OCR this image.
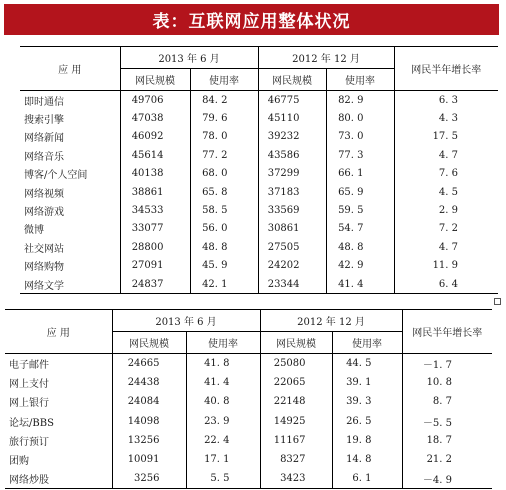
表：互联网应用整体状况
应 用	2013 年 6 月		2012 年 12 月		网民半年增长率
	网民规模	使用率	网民规模	使用率	
即时通信	49706	84. 2	46775	82. 9	6. 3
搜索引擎	47038	79. 6	45110	80. 0	4. 3
网络新闻	46092	78. 0	39232	73. 0	17. 5
网络音乐	45614	77. 2	43586	77. 3	4. 7
博客/个人空间	40138	68. 0	37299	66. 1	7. 6
网络视频	38861	65. 8	37183	65. 9	4. 5
网络游戏	34533	58. 5	33569	59. 5	2. 9
微博	33077	56. 0	30861	54. 7	7. 2
社交网站	28800	48. 8	27505	48. 8	4. 7
网络购物	27091	45. 9	24202	42. 9	11. 9
网络文学	24837	42. 1	23344	41. 4	6. 4
应 用	2013 年 6 月		2012 年 12 月		网民半年增长率
	网民规模	使用率	网民规模	使用率	
电子邮件	24665	41. 8	25080	44. 5	－1. 7
网上支付	24438	41. 4	22065	39. 1	10. 8
网上银行	24084	40. 8	22148	39. 3	8. 7
论坛/BBS	14098	23. 9	14925	26. 5	－5. 5
旅行预订	13256	22. 4	11167	19. 8	18. 7
团购	10091	17. 1	8327	14. 8	21. 2
网络炒股	3256	5. 5	3423	6. 1	－4. 9
